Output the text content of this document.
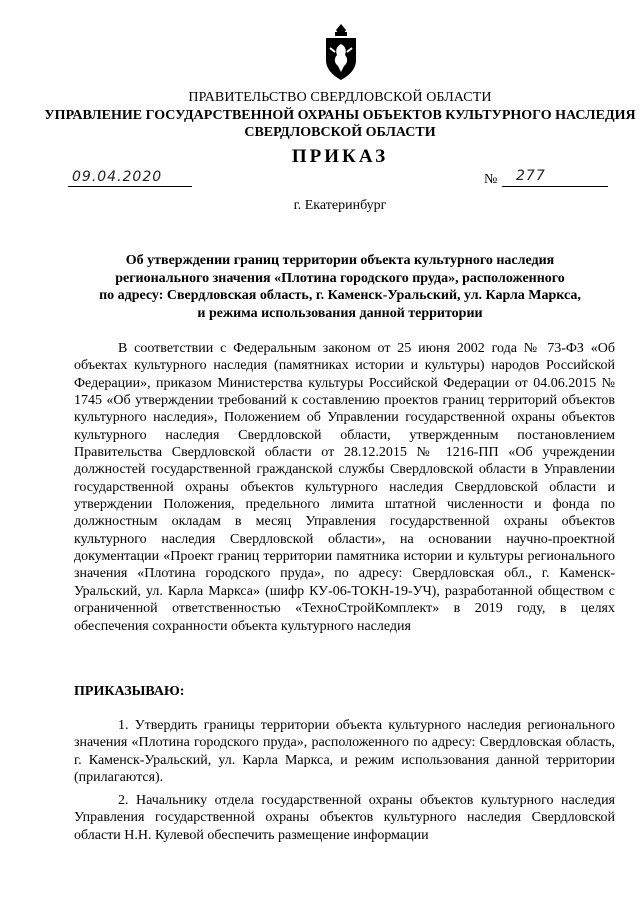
ПРАВИТЕЛЬСТВО СВЕРДЛОВСКОЙ ОБЛАСТИ
УПРАВЛЕНИЕ ГОСУДАРСТВЕННОЙ ОХРАНЫ ОБЪЕКТОВ КУЛЬТУРНОГО НАСЛЕДИЯ
СВЕРДЛОВСКОЙ ОБЛАСТИ
ПРИКАЗ
09.04.2020	№ 277
г. Екатеринбург
Об утверждении границ территории объекта культурного наследия
регионального значения «Плотина городского пруда», расположенного
по адресу: Свердловская область, г. Каменск-Уральский, ул. Карла Маркса,
и режима использования данной территории
В соответствии с Федеральным законом от 25 июня 2002 года № 73-ФЗ «Об объектах культурного наследия (памятниках истории и культуры) народов Российской Федерации», приказом Министерства культуры Российской Федерации от 04.06.2015 № 1745 «Об утверждении требований к составлению проектов границ территорий объектов культурного наследия», Положением об Управлении государственной охраны объектов культурного наследия Свердловской области, утвержденным постановлением Правительства Свердловской области от 28.12.2015 № 1216-ПП «Об учреждении должностей государственной гражданской службы Свердловской области в Управлении государственной охраны объектов культурного наследия Свердловской области и утверждении Положения, предельного лимита штатной численности и фонда по должностным окладам в месяц Управления государственной охраны объектов культурного наследия Свердловской области», на основании научно-проектной документации «Проект границ территории памятника истории и культуры регионального значения «Плотина городского пруда», по адресу: Свердловская обл., г. Каменск-Уральский, ул. Карла Маркса» (шифр КУ-06-ТОКН-19-УЧ), разработанной обществом с ограниченной ответственностью «ТехноСтройКомплект» в 2019 году, в целях обеспечения сохранности объекта культурного наследия
ПРИКАЗЫВАЮ:
1. Утвердить границы территории объекта культурного наследия регионального значения «Плотина городского пруда», расположенного по адресу: Свердловская область, г. Каменск-Уральский, ул. Карла Маркса, и режим использования данной территории (прилагаются).
2. Начальнику отдела государственной охраны объектов культурного наследия Управления государственной охраны объектов культурного наследия Свердловской области Н.Н. Кулевой обеспечить размещение информации
